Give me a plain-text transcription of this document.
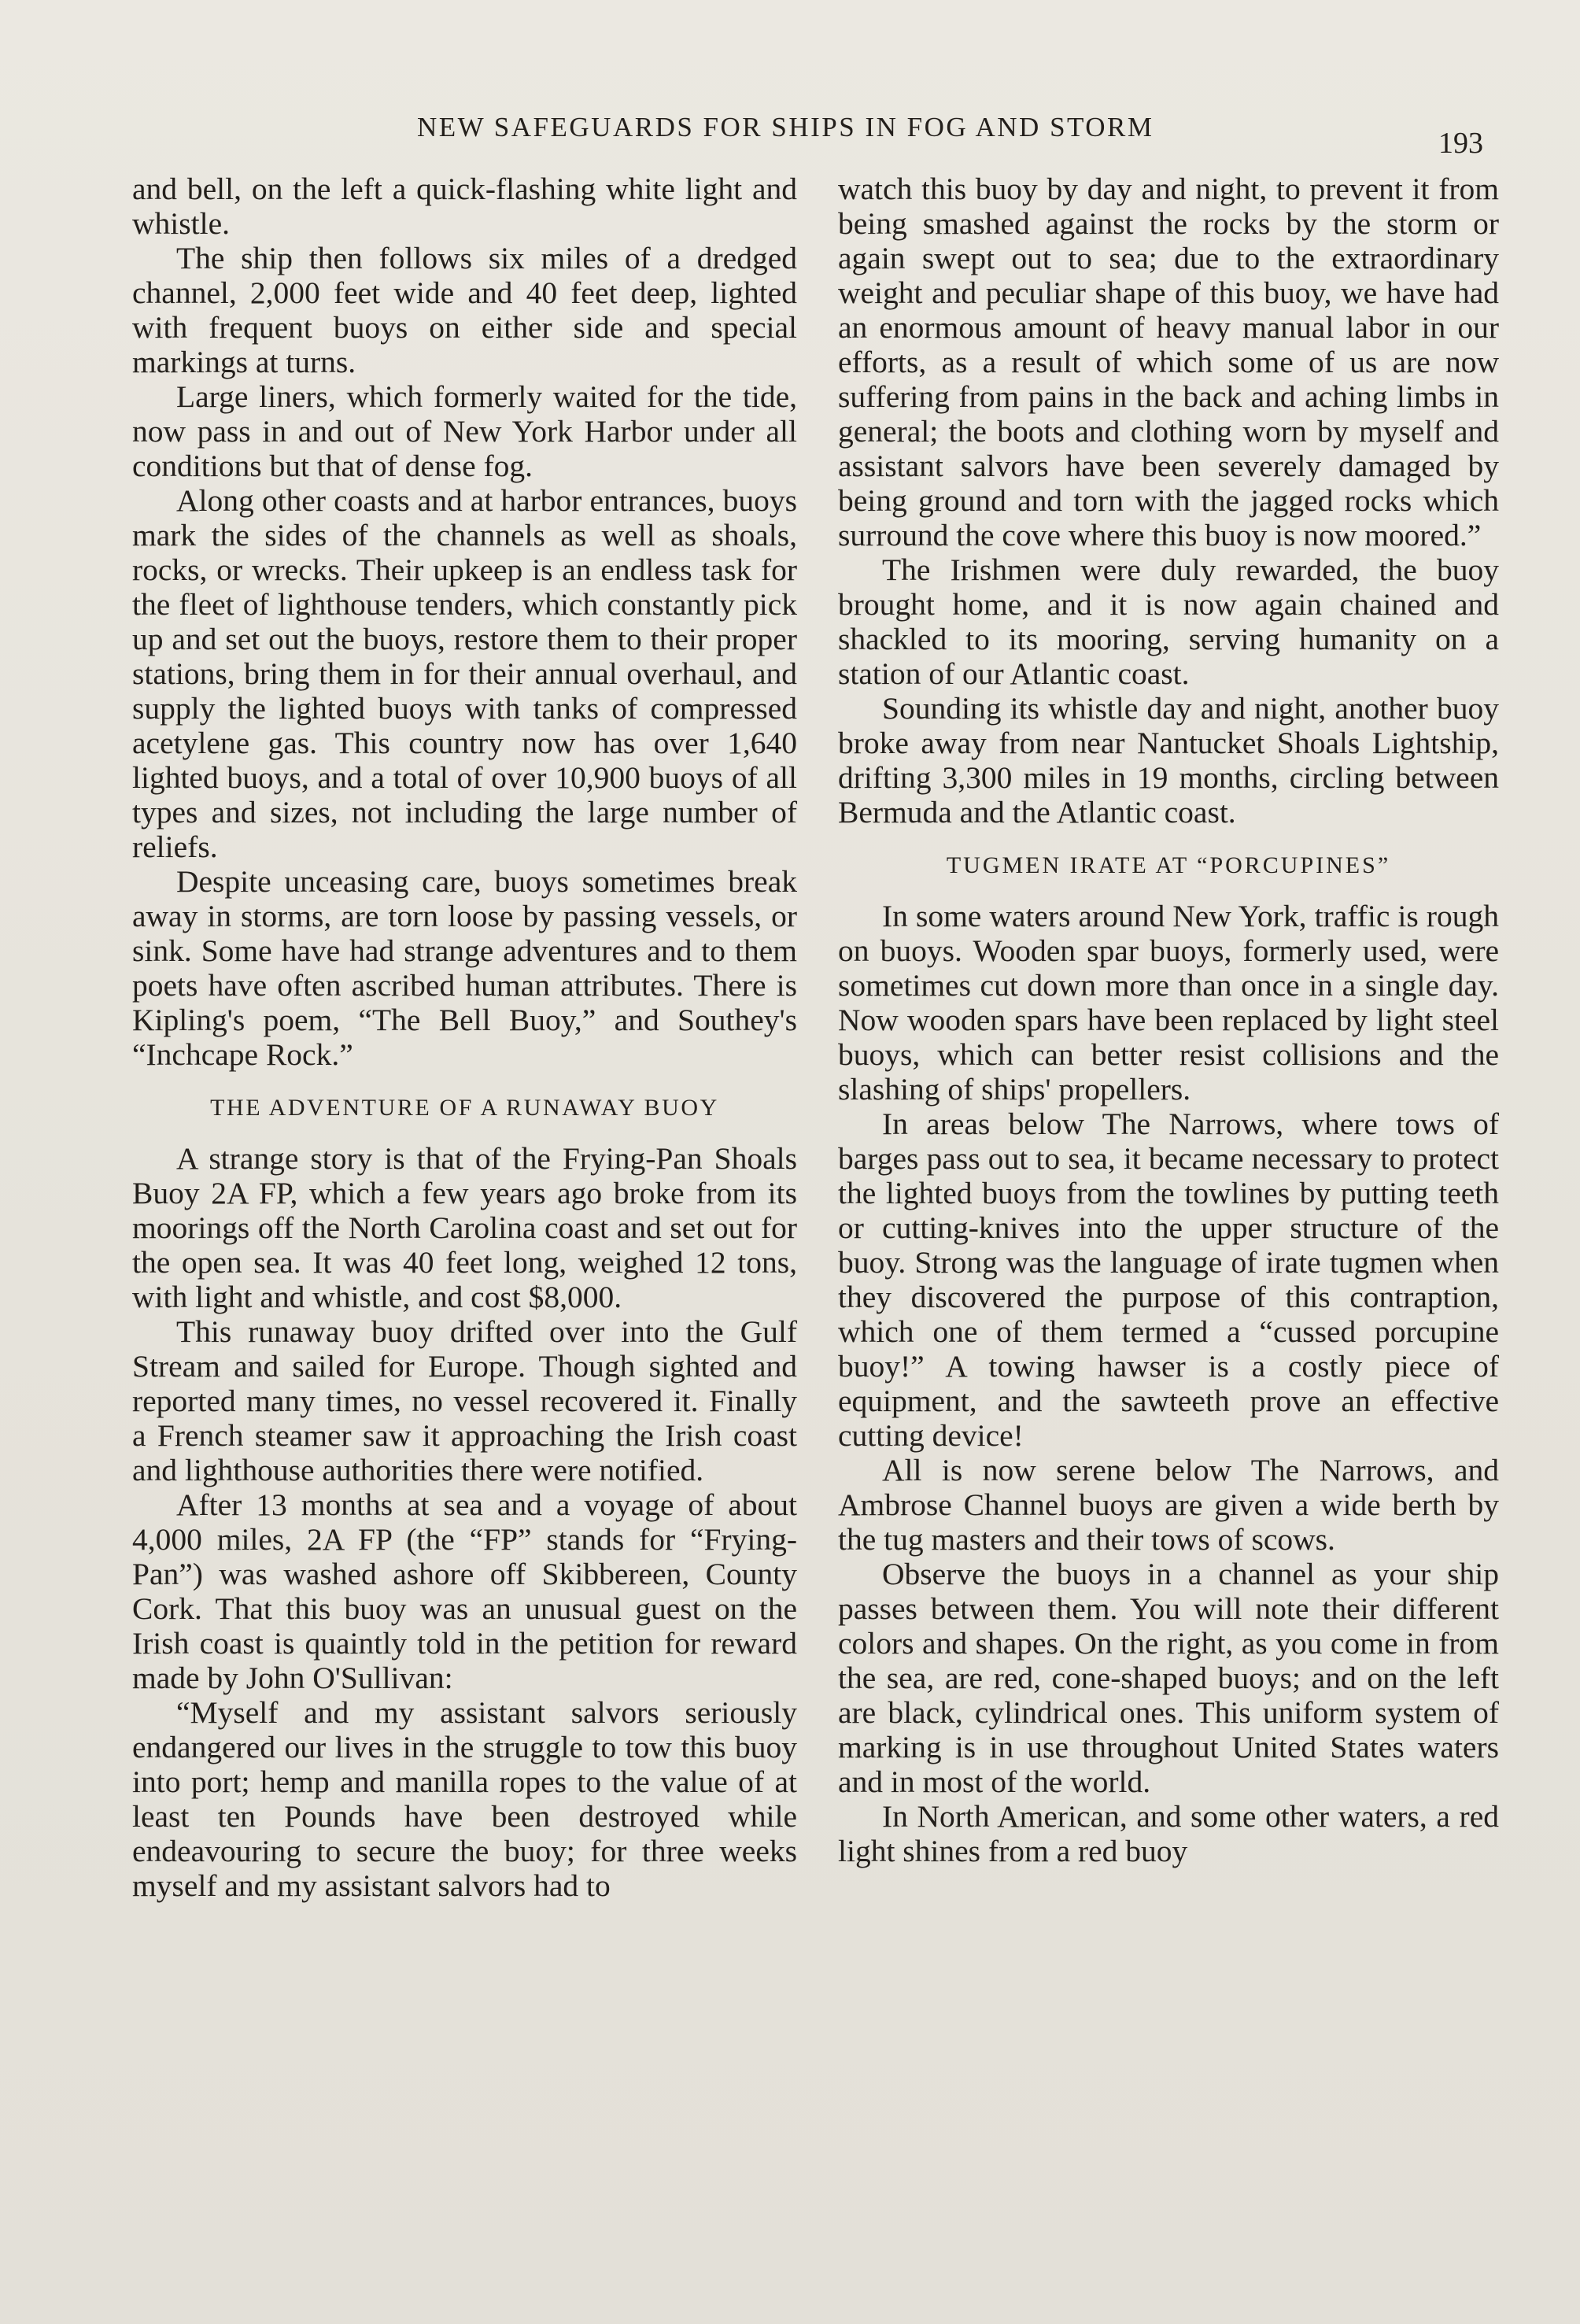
NEW SAFEGUARDS FOR SHIPS IN FOG AND STORM	193

and bell, on the left a quick-flashing white light and whistle.

The ship then follows six miles of a dredged channel, 2,000 feet wide and 40 feet deep, lighted with frequent buoys on either side and special markings at turns.

Large liners, which formerly waited for the tide, now pass in and out of New York Harbor under all conditions but that of dense fog.

Along other coasts and at harbor entrances, buoys mark the sides of the channels as well as shoals, rocks, or wrecks. Their upkeep is an endless task for the fleet of lighthouse tenders, which constantly pick up and set out the buoys, restore them to their proper stations, bring them in for their annual overhaul, and supply the lighted buoys with tanks of compressed acetylene gas. This country now has over 1,640 lighted buoys, and a total of over 10,900 buoys of all types and sizes, not including the large number of reliefs.

Despite unceasing care, buoys sometimes break away in storms, are torn loose by passing vessels, or sink. Some have had strange adventures and to them poets have often ascribed human attributes. There is Kipling's poem, “The Bell Buoy,” and Southey's “Inchcape Rock.”

THE ADVENTURE OF A RUNAWAY BUOY

A strange story is that of the Frying-Pan Shoals Buoy 2A FP, which a few years ago broke from its moorings off the North Carolina coast and set out for the open sea. It was 40 feet long, weighed 12 tons, with light and whistle, and cost $8,000.

This runaway buoy drifted over into the Gulf Stream and sailed for Europe. Though sighted and reported many times, no vessel recovered it. Finally a French steamer saw it approaching the Irish coast and lighthouse authorities there were notified.

After 13 months at sea and a voyage of about 4,000 miles, 2A FP (the “FP” stands for “Frying-Pan”) was washed ashore off Skibbereen, County Cork. That this buoy was an unusual guest on the Irish coast is quaintly told in the petition for reward made by John O'Sullivan:

“Myself and my assistant salvors seriously endangered our lives in the struggle to tow this buoy into port; hemp and manilla ropes to the value of at least ten Pounds have been destroyed while endeavouring to secure the buoy; for three weeks myself and my assistant salvors had to

watch this buoy by day and night, to prevent it from being smashed against the rocks by the storm or again swept out to sea; due to the extraordinary weight and peculiar shape of this buoy, we have had an enormous amount of heavy manual labor in our efforts, as a result of which some of us are now suffering from pains in the back and aching limbs in general; the boots and clothing worn by myself and assistant salvors have been severely damaged by being ground and torn with the jagged rocks which surround the cove where this buoy is now moored.”

The Irishmen were duly rewarded, the buoy brought home, and it is now again chained and shackled to its mooring, serving humanity on a station of our Atlantic coast.

Sounding its whistle day and night, another buoy broke away from near Nantucket Shoals Lightship, drifting 3,300 miles in 19 months, circling between Bermuda and the Atlantic coast.

TUGMEN IRATE AT “PORCUPINES”

In some waters around New York, traffic is rough on buoys. Wooden spar buoys, formerly used, were sometimes cut down more than once in a single day. Now wooden spars have been replaced by light steel buoys, which can better resist collisions and the slashing of ships' propellers.

In areas below The Narrows, where tows of barges pass out to sea, it became necessary to protect the lighted buoys from the towlines by putting teeth or cutting-knives into the upper structure of the buoy. Strong was the language of irate tugmen when they discovered the purpose of this contraption, which one of them termed a “cussed porcupine buoy!” A towing hawser is a costly piece of equipment, and the sawteeth prove an effective cutting device!

All is now serene below The Narrows, and Ambrose Channel buoys are given a wide berth by the tug masters and their tows of scows.

Observe the buoys in a channel as your ship passes between them. You will note their different colors and shapes. On the right, as you come in from the sea, are red, cone-shaped buoys; and on the left are black, cylindrical ones. This uniform system of marking is in use throughout United States waters and in most of the world.

In North American, and some other waters, a red light shines from a red buoy
